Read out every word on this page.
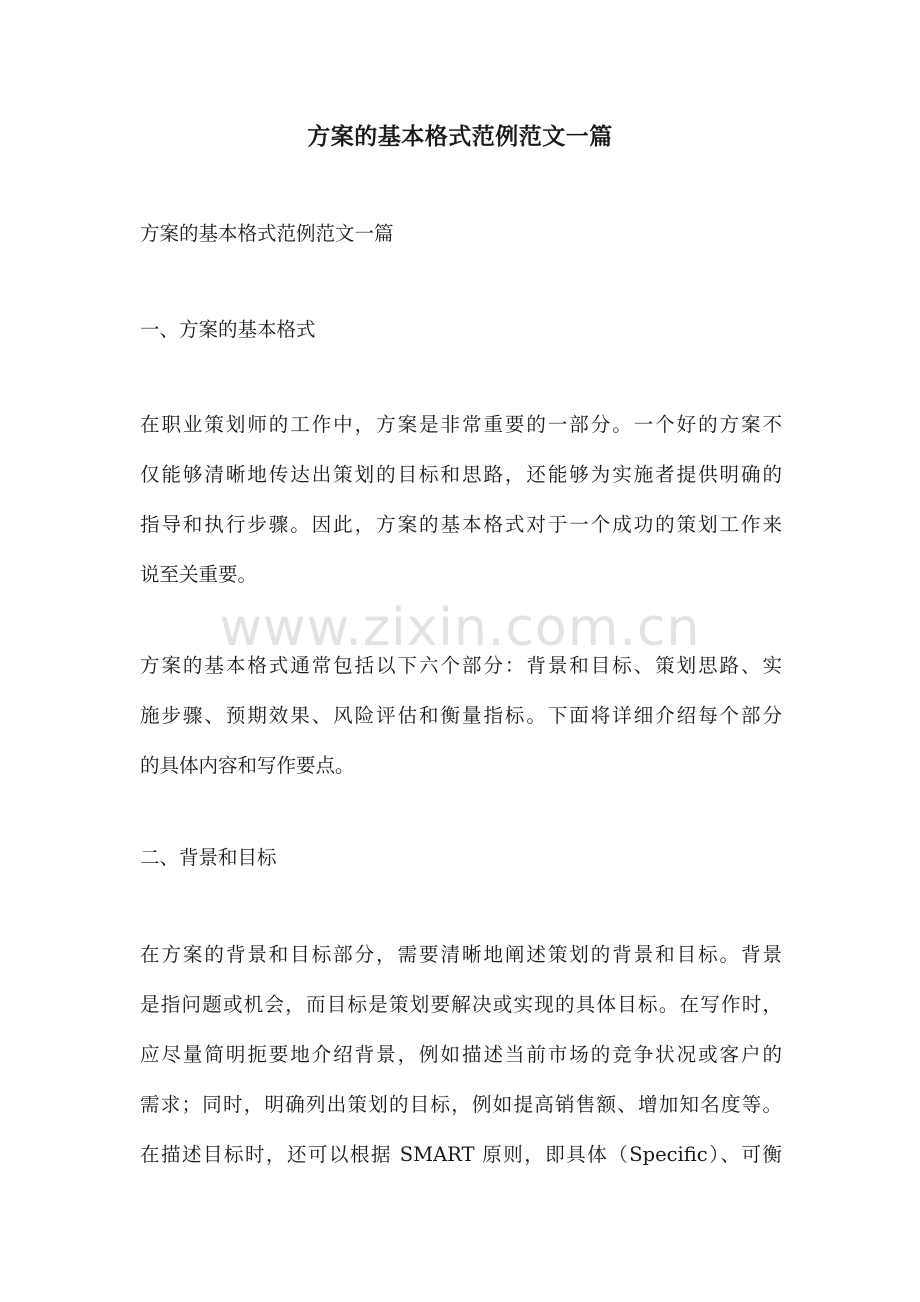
方案的基本格式范例范文一篇

方案的基本格式范例范文一篇

一、方案的基本格式

在职业策划师的工作中，方案是非常重要的一部分。一个好的方案不
仅能够清晰地传达出策划的目标和思路，还能够为实施者提供明确的
指导和执行步骤。因此，方案的基本格式对于一个成功的策划工作来
说至关重要。
方案的基本格式通常包括以下六个部分：背景和目标、策划思路、实
施步骤、预期效果、风险评估和衡量指标。下面将详细介绍每个部分
的具体内容和写作要点。

二、背景和目标

在方案的背景和目标部分，需要清晰地阐述策划的背景和目标。背景
是指问题或机会，而目标是策划要解决或实现的具体目标。在写作时，
应尽量简明扼要地介绍背景，例如描述当前市场的竞争状况或客户的
需求；同时，明确列出策划的目标，例如提高销售额、增加知名度等。
在描述目标时，还可以根据 SMART 原则，即具体（Specific）、可衡
www.zixin.com.cn
